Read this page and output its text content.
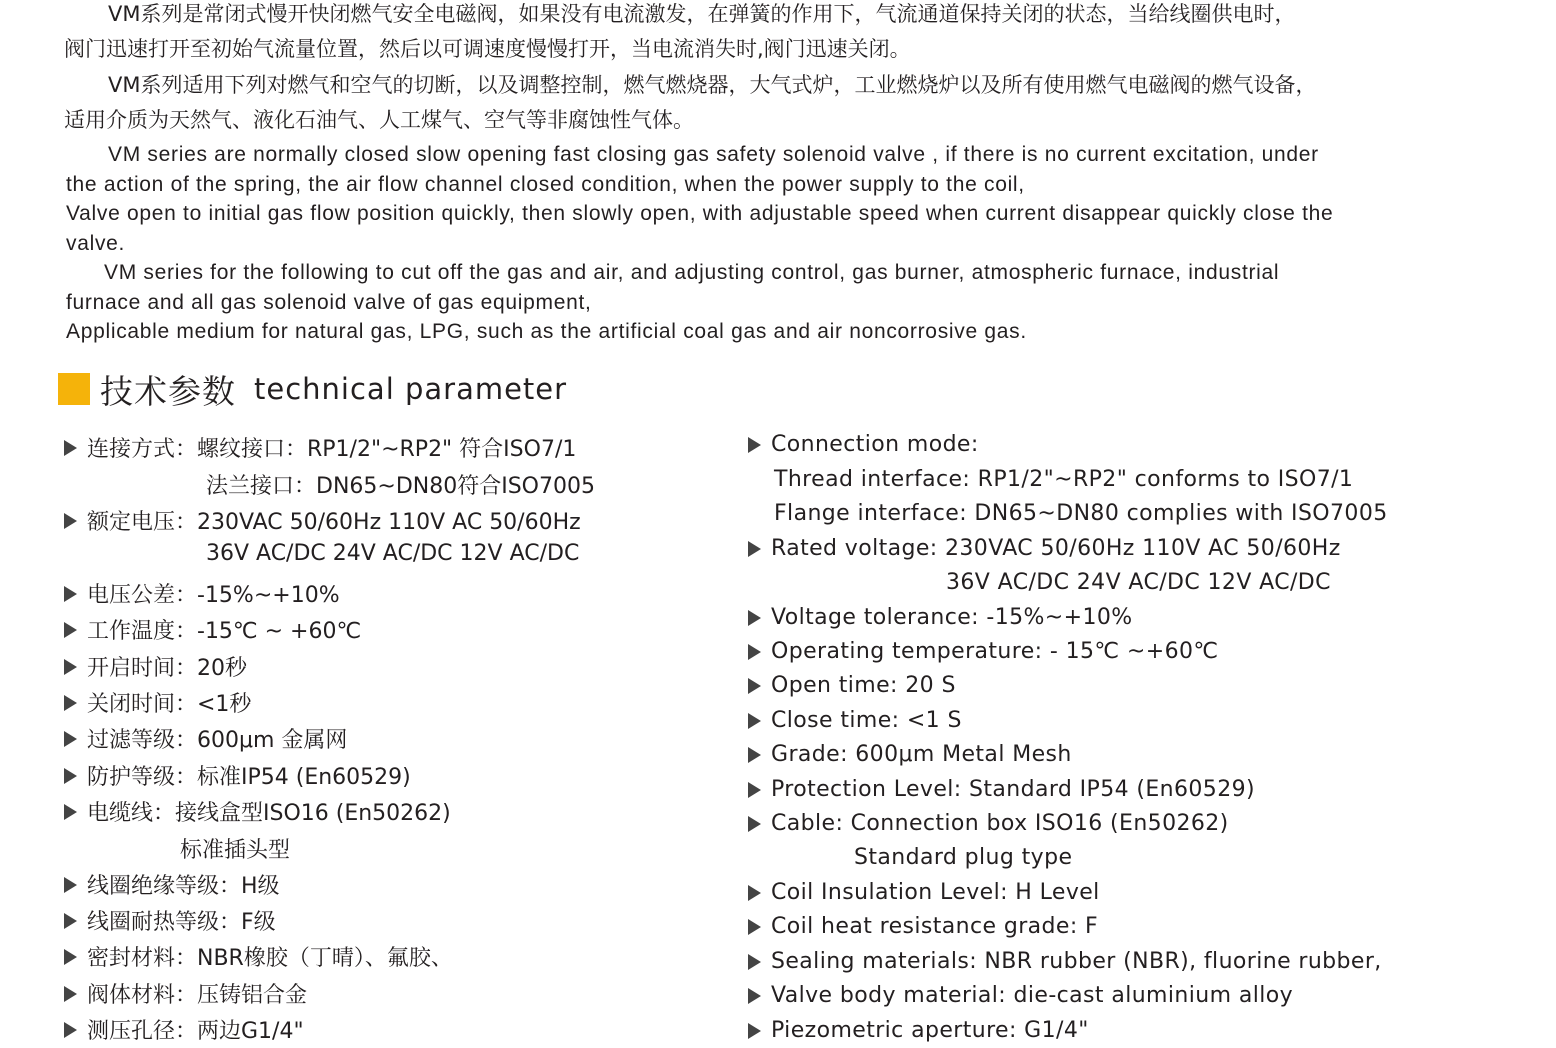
VM系列是常闭式慢开快闭燃气安全电磁阀，如果没有电流激发，在弹簧的作用下，气流通道保持关闭的状态，当给线圈供电时，

阀门迅速打开至初始气流量位置，然后以可调速度慢慢打开，当电流消失时,阀门迅速关闭。

VM系列适用下列对燃气和空气的切断，以及调整控制，燃气燃烧器，大气式炉，工业燃烧炉以及所有使用燃气电磁阀的燃气设备，

适用介质为天然气、液化石油气、人工煤气、空气等非腐蚀性气体。

VM series are normally closed slow opening fast closing gas safety solenoid valve , if there is no current excitation, under

the action of the spring, the air flow channel closed condition, when the power supply to the coil,

Valve open to initial gas flow position quickly, then slowly open, with adjustable speed when current disappear quickly close the

valve.

VM series for the following to cut off the gas and air, and adjusting control, gas burner, atmospheric furnace, industrial

furnace and all gas solenoid valve of gas equipment,

Applicable medium for natural gas, LPG, such as the artificial coal gas and air noncorrosive gas.

技术参数 technical parameter
连接方式：螺纹接口：RP1/2"~RP2" 符合ISO7/1
额定电压：230VAC 50/60Hz 110V AC 50/60Hz
电压公差：-15%~+10%
工作温度：-15℃ ~ +60℃
开启时间：20秒
关闭时间：<1秒
过滤等级：600μm 金属网
防护等级：标准IP54 (En60529)
电缆线：接线盒型ISO16 (En50262)
线圈绝缘等级：H级
线圈耐热等级：F级
密封材料：NBR橡胶（丁晴）、氟胶、
阀体材料：压铸铝合金
测压孔径：两边G1/4"
法兰接口：DN65~DN80符合ISO7005
36V AC/DC 24V AC/DC 12V AC/DC
标准插头型
Connection mode:
Rated voltage: 230VAC 50/60Hz 110V AC 50/60Hz
Voltage tolerance: -15%~+10%
Operating temperature: - 15℃ ~+60℃
Open time: 20 S
Close time: <1 S
Grade: 600μm Metal Mesh
Protection Level: Standard IP54 (En60529)
Cable: Connection box ISO16 (En50262)
Coil Insulation Level: H Level
Coil heat resistance grade: F
Sealing materials: NBR rubber (NBR), fluorine rubber,
Valve body material: die-cast aluminium alloy
Piezometric aperture: G1/4"
Thread interface: RP1/2"~RP2" conforms to ISO7/1
Flange interface: DN65~DN80 complies with ISO7005
36V AC/DC 24V AC/DC 12V AC/DC
Standard plug type
